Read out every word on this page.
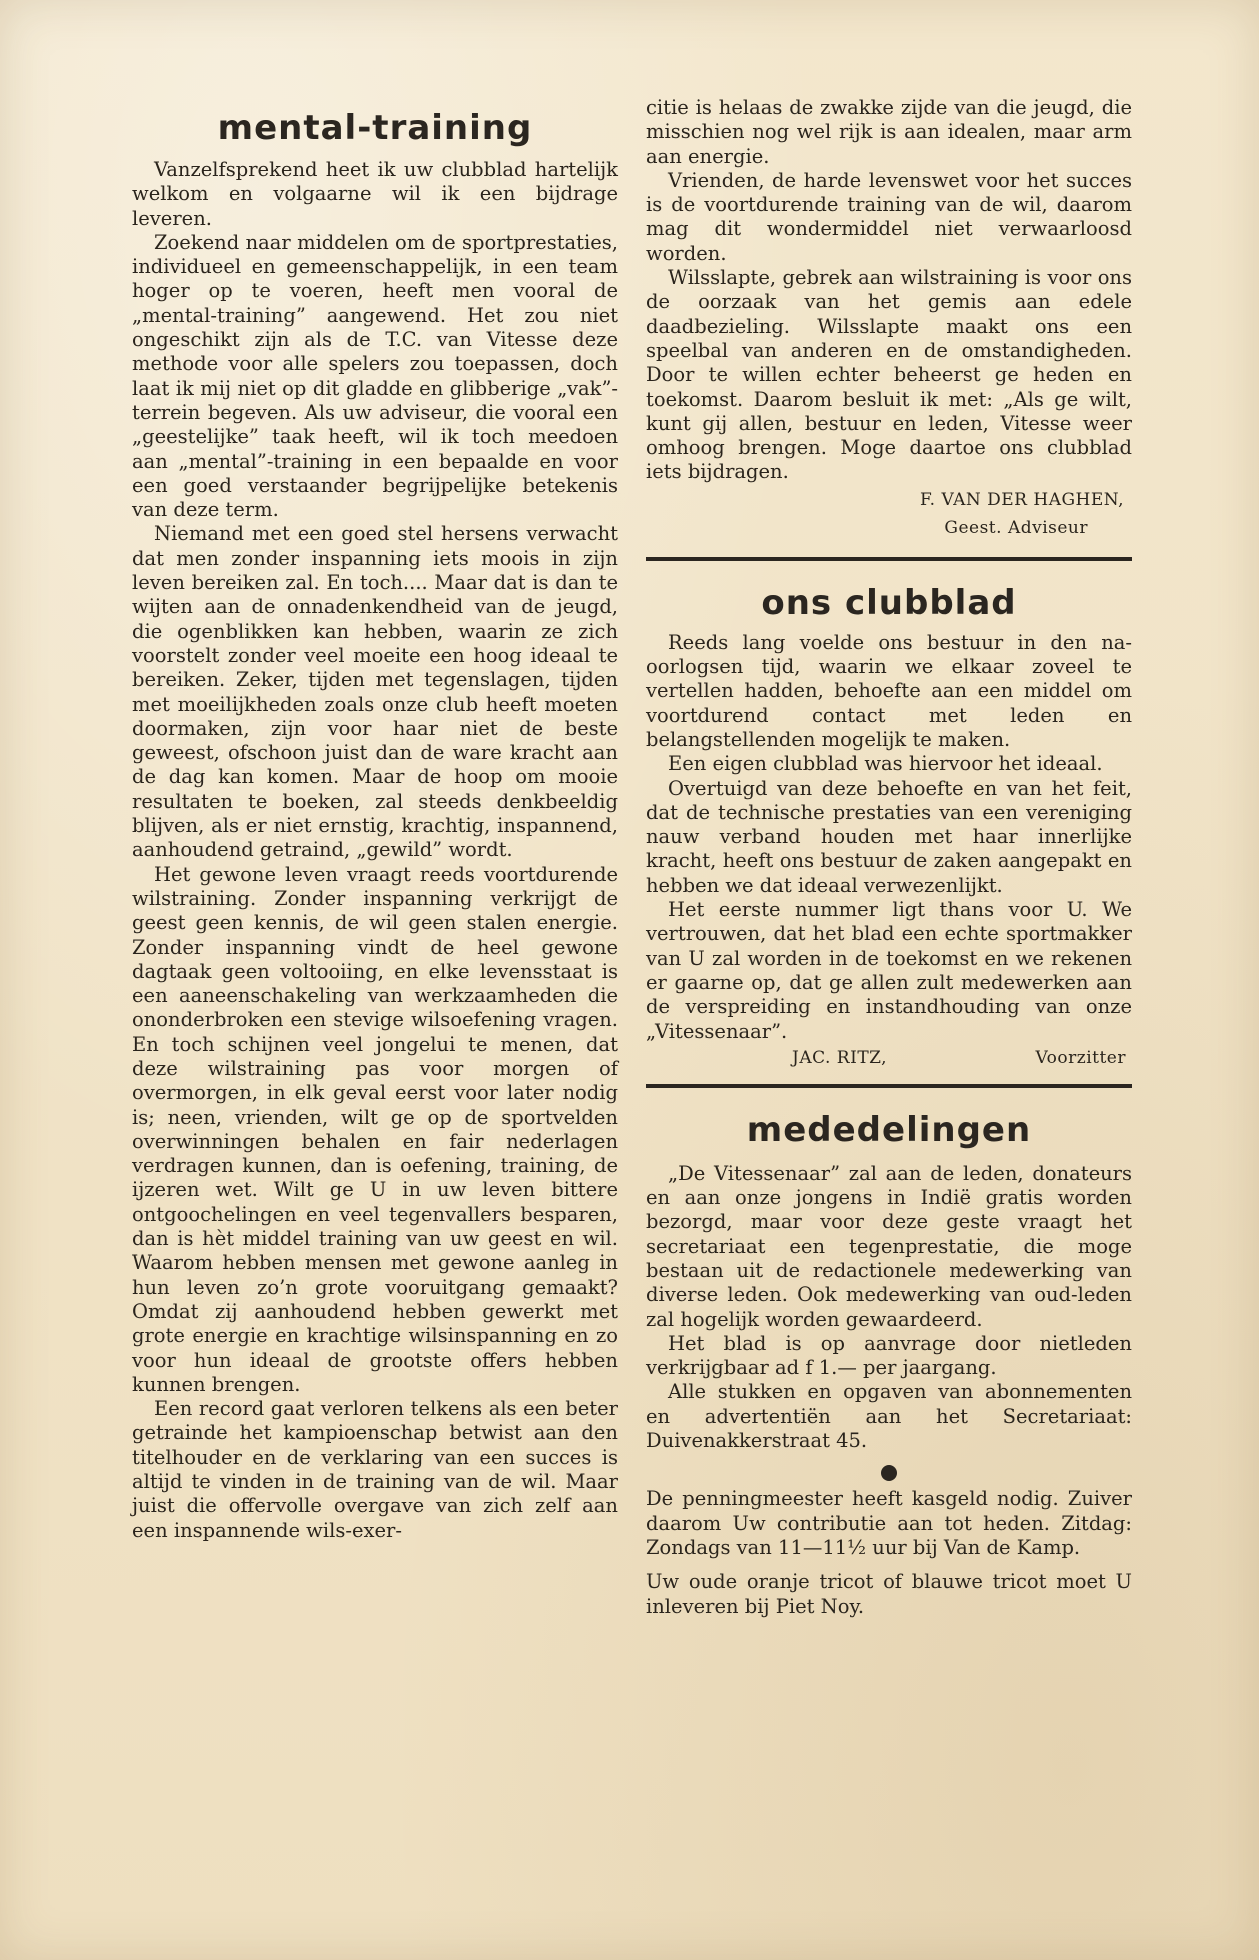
mental-training

Vanzelfsprekend heet ik uw clubblad hartelijk welkom en volgaarne wil ik een bijdrage leveren.

Zoekend naar middelen om de sportprestaties, individueel en gemeenschappelijk, in een team hoger op te voeren, heeft men vooral de „mental-training” aangewend. Het zou niet ongeschikt zijn als de T.C. van Vitesse deze methode voor alle spelers zou toepassen, doch laat ik mij niet op dit gladde en glibberige „vak”-terrein begeven. Als uw adviseur, die vooral een „geestelijke” taak heeft, wil ik toch meedoen aan „mental”-training in een bepaalde en voor een goed verstaander begrijpelijke betekenis van deze term.

Niemand met een goed stel hersens verwacht dat men zonder inspanning iets moois in zijn leven bereiken zal. En toch.... Maar dat is dan te wijten aan de onnadenkendheid van de jeugd, die ogenblikken kan hebben, waarin ze zich voorstelt zonder veel moeite een hoog ideaal te bereiken. Zeker, tijden met tegenslagen, tijden met moeilijkheden zoals onze club heeft moeten doormaken, zijn voor haar niet de beste geweest, ofschoon juist dan de ware kracht aan de dag kan komen. Maar de hoop om mooie resultaten te boeken, zal steeds denkbeeldig blijven, als er niet ernstig, krachtig, inspannend, aanhoudend getraind, „gewild” wordt.

Het gewone leven vraagt reeds voortdurende wilstraining. Zonder inspanning verkrijgt de geest geen kennis, de wil geen stalen energie. Zonder inspanning vindt de heel gewone dagtaak geen voltooiing, en elke levensstaat is een aaneenschakeling van werkzaamheden die ononderbroken een stevige wilsoefening vragen. En toch schijnen veel jongelui te menen, dat deze wilstraining pas voor morgen of overmorgen, in elk geval eerst voor later nodig is; neen, vrienden, wilt ge op de sportvelden overwinningen behalen en fair nederlagen verdragen kunnen, dan is oefening, training, de ijzeren wet. Wilt ge U in uw leven bittere ontgoochelingen en veel tegenvallers besparen, dan is hèt middel training van uw geest en wil. Waarom hebben mensen met gewone aanleg in hun leven zo’n grote vooruitgang gemaakt? Omdat zij aanhoudend hebben gewerkt met grote energie en krachtige wilsinspanning en zo voor hun ideaal de grootste offers hebben kunnen brengen.

Een record gaat verloren telkens als een beter getrainde het kampioenschap betwist aan den titelhouder en de verklaring van een succes is altijd te vinden in de training van de wil. Maar juist die offervolle overgave van zich zelf aan een inspannende wils-exer-

citie is helaas de zwakke zijde van die jeugd, die misschien nog wel rijk is aan idealen, maar arm aan energie.

Vrienden, de harde levenswet voor het succes is de voortdurende training van de wil, daarom mag dit wondermiddel niet verwaarloosd worden.

Wilsslapte, gebrek aan wilstraining is voor ons de oorzaak van het gemis aan edele daadbezieling. Wilsslapte maakt ons een speelbal van anderen en de omstandigheden. Door te willen echter beheerst ge heden en toekomst. Daarom besluit ik met: „Als ge wilt, kunt gij allen, bestuur en leden, Vitesse weer omhoog brengen. Moge daartoe ons clubblad iets bijdragen.

F. VAN DER HAGHEN,
Geest. Adviseur
ons clubblad

Reeds lang voelde ons bestuur in den na-oorlogsen tijd, waarin we elkaar zoveel te vertellen hadden, behoefte aan een middel om voortdurend contact met leden en belangstellenden mogelijk te maken.

Een eigen clubblad was hiervoor het ideaal.

Overtuigd van deze behoefte en van het feit, dat de technische prestaties van een vereniging nauw verband houden met haar innerlijke kracht, heeft ons bestuur de zaken aangepakt en hebben we dat ideaal verwezenlijkt.

Het eerste nummer ligt thans voor U. We vertrouwen, dat het blad een echte sportmakker van U zal worden in de toekomst en we rekenen er gaarne op, dat ge allen zult medewerken aan de verspreiding en instandhouding van onze „Vitessenaar”.

JAC. RITZ,	Voorzitter
mededelingen

„De Vitessenaar” zal aan de leden, donateurs en aan onze jongens in Indië gratis worden bezorgd, maar voor deze geste vraagt het secretariaat een tegenprestatie, die moge bestaan uit de redactionele medewerking van diverse leden. Ook medewerking van oud-leden zal hogelijk worden gewaardeerd.

Het blad is op aanvrage door nietleden verkrijgbaar ad f 1.— per jaargang.

Alle stukken en opgaven van abonnementen en advertentiën aan het Secretariaat: Duivenakkerstraat 45.

De penningmeester heeft kasgeld nodig. Zuiver daarom Uw contributie aan tot heden. Zitdag: Zondags van 11—11½ uur bij Van de Kamp.

Uw oude oranje tricot of blauwe tricot moet U inleveren bij Piet Noy.
